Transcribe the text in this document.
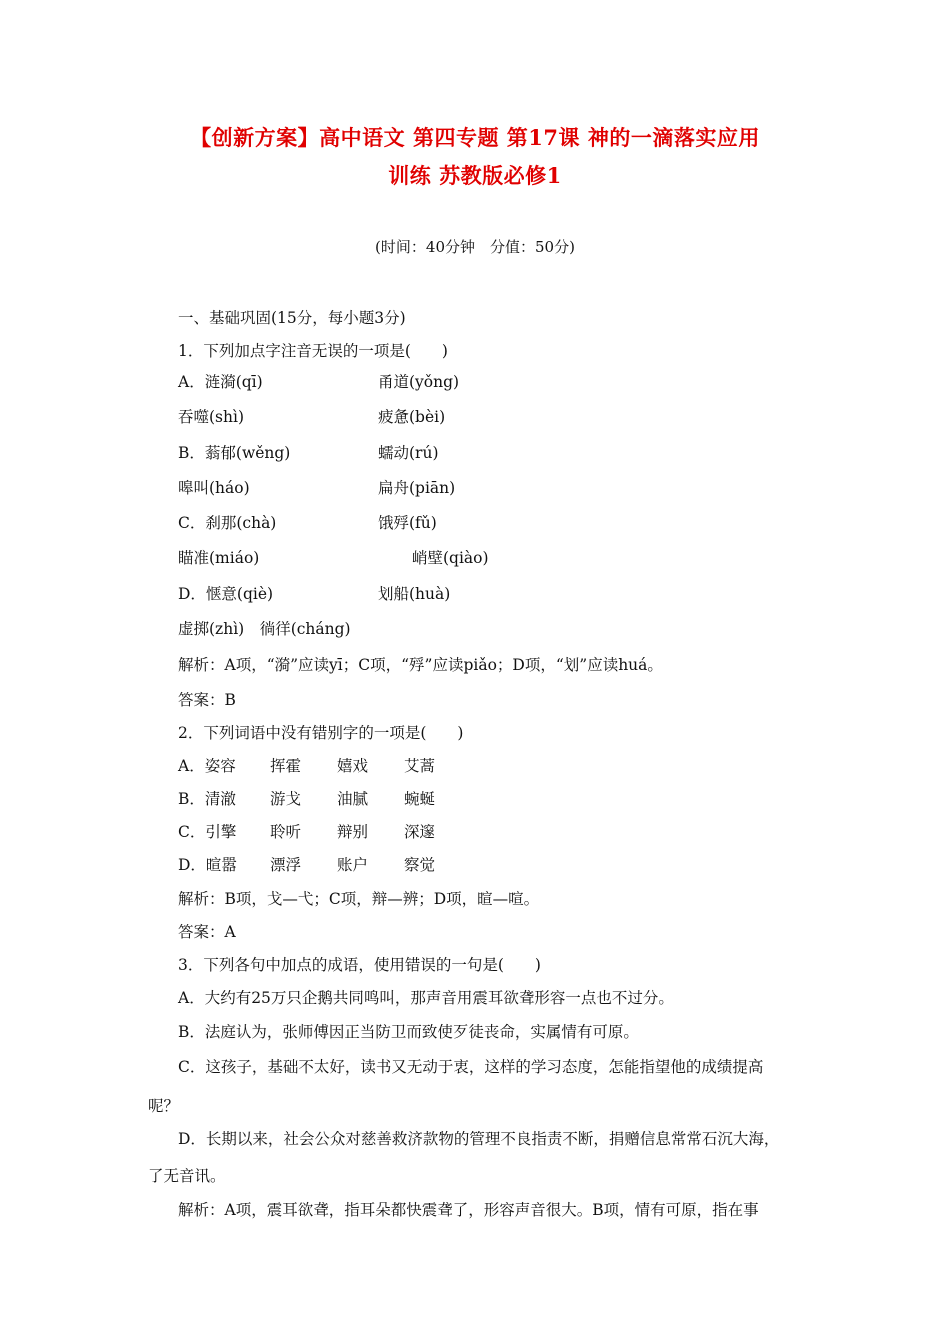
【创新方案】高中语文 第四专题 第17课 神的一滴落实应用
训练 苏教版必修1
(时间：40分钟　分值：50分)
一、基础巩固(15分，每小题3分)
1．下列加点字注音无误的一项是(　　)
A．涟漪(qī)	甬道(yǒng)
吞噬(shì)	疲惫(bèi)
B．蓊郁(wěng)	蠕动(rú)
嗥叫(háo)	扁舟(piān)
C．刹那(chà)	饿殍(fǔ)
瞄准(miáo)	峭壁(qiào)
D．惬意(qiè)	划船(huà)
虚掷(zhì)　徜徉(cháng)
解析：A项，“漪”应读yī；C项，“殍”应读piǎo；D项，“划”应读huá。
答案：B
2．下列词语中没有错别字的一项是(　　)
A．姿容 挥霍 嬉戏 艾蒿
B．清澈 游戈 油腻 蜿蜒
C．引擎 聆听 辩别 深邃
D．暄嚣 漂浮 账户 察觉
解析：B项，戈—弋；C项，辩—辨；D项，暄—喧。
答案：A
3．下列各句中加点的成语，使用错误的一句是(　　)
A．大约有25万只企鹅共同鸣叫，那声音用震耳欲聋形容一点也不过分。
B．法庭认为，张师傅因正当防卫而致使歹徒丧命，实属情有可原。
C．这孩子，基础不太好，读书又无动于衷，这样的学习态度，怎能指望他的成绩提高
呢？
D．长期以来，社会公众对慈善救济款物的管理不良指责不断，捐赠信息常常石沉大海，
了无音讯。
解析：A项，震耳欲聋，指耳朵都快震聋了，形容声音很大。B项，情有可原，指在事
